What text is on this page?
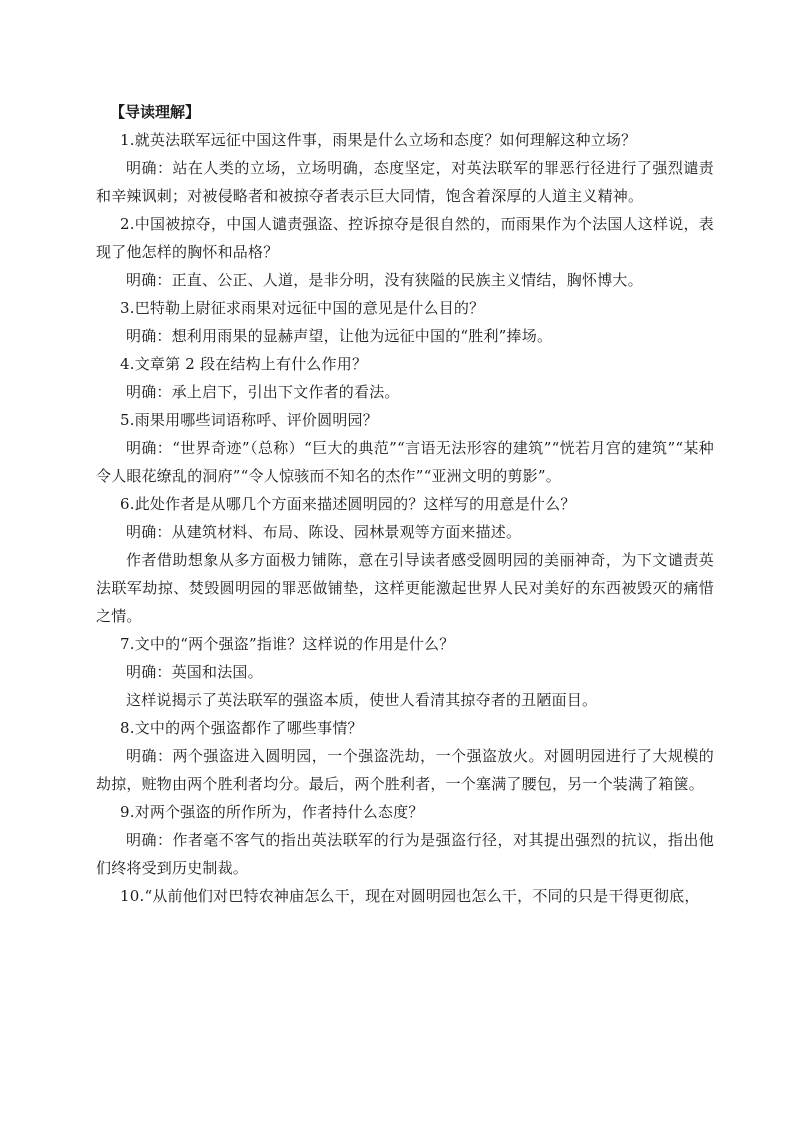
【导读理解】

1.就英法联军远征中国这件事，雨果是什么立场和态度？如何理解这种立场？

明确：站在人类的立场，立场明确，态度坚定，对英法联军的罪恶行径进行了强烈谴责和辛辣讽刺；对被侵略者和被掠夺者表示巨大同情，饱含着深厚的人道主义精神。

2.中国被掠夺，中国人谴责强盗、控诉掠夺是很自然的，而雨果作为个法国人这样说，表现了他怎样的胸怀和品格？

明确：正直、公正、人道，是非分明，没有狭隘的民族主义情结，胸怀博大。

3.巴特勒上尉征求雨果对远征中国的意见是什么目的？

明确：想利用雨果的显赫声望，让他为远征中国的“胜利”捧场。

4.文章第 2 段在结构上有什么作用？

明确：承上启下，引出下文作者的看法。

5.雨果用哪些词语称呼、评价圆明园？

明确：“世界奇迹”（总称）“巨大的典范”“言语无法形容的建筑”“恍若月宫的建筑”“某种令人眼花缭乱的洞府”“令人惊骇而不知名的杰作”“亚洲文明的剪影”。

6.此处作者是从哪几个方面来描述圆明园的？这样写的用意是什么？

明确：从建筑材料、布局、陈设、园林景观等方面来描述。

作者借助想象从多方面极力铺陈，意在引导读者感受圆明园的美丽神奇，为下文谴责英法联军劫掠、焚毁圆明园的罪恶做铺垫，这样更能激起世界人民对美好的东西被毁灭的痛惜之情。

7.文中的“两个强盗”指谁？这样说的作用是什么？

明确：英国和法国。

这样说揭示了英法联军的强盗本质，使世人看清其掠夺者的丑陋面目。

8.文中的两个强盗都作了哪些事情？

明确：两个强盗进入圆明园，一个强盗洗劫，一个强盗放火。对圆明园进行了大规模的劫掠，赃物由两个胜利者均分。最后，两个胜利者，一个塞满了腰包，另一个装满了箱箧。

9.对两个强盗的所作所为，作者持什么态度？

明确：作者毫不客气的指出英法联军的行为是强盗行径，对其提出强烈的抗议，指出他们终将受到历史制裁。

10.“从前他们对巴特农神庙怎么干，现在对圆明园也怎么干，不同的只是干得更彻底，
